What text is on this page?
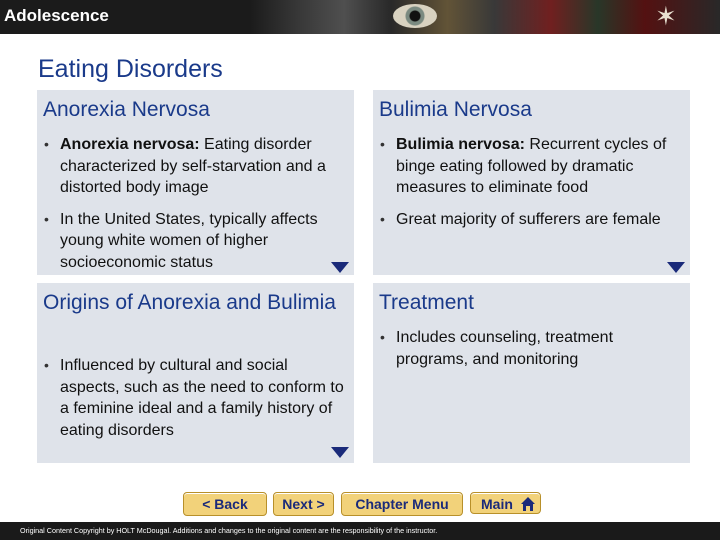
✶
Adolescence
Eating Disorders
Anorexia Nervosa
• Anorexia nervosa: Eating disorder characterized by self-starvation and a distorted body image
• In the United States, typically affects young white women of higher socioeconomic status
Bulimia Nervosa
• Bulimia nervosa: Recurrent cycles of binge eating followed by dramatic measures to eliminate food
• Great majority of sufferers are female
Origins of Anorexia and Bulimia
• Influenced by cultural and social aspects, such as the need to conform to a feminine ideal and a family history of eating disorders
Treatment
• Includes counseling, treatment programs, and monitoring
< Back	Next >	Chapter Menu	Main
Original Content Copyright by HOLT McDougal. Additions and changes to the original content are the responsibility of the instructor.
